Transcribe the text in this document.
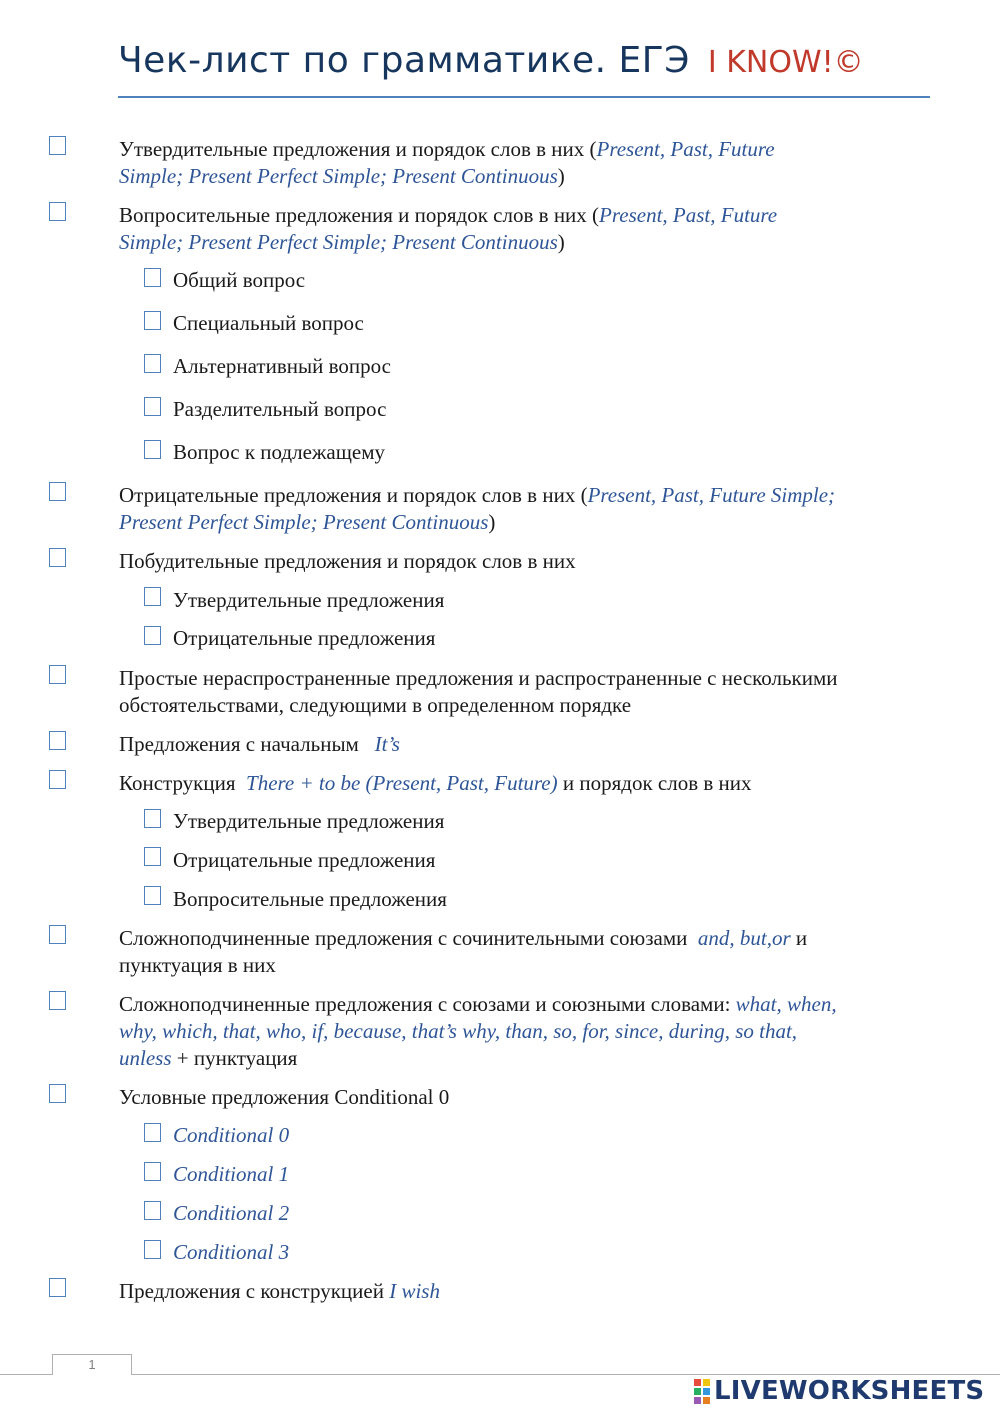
Чек-лист по грамматике. ЕГЭ I KNOW!©
Утвердительные предложения и порядок слов в них (Present, Past, Future
Simple; Present Perfect Simple; Present Continuous)
Вопросительные предложения и порядок слов в них (Present, Past, Future
Simple; Present Perfect Simple; Present Continuous)
Общий вопрос
Специальный вопрос
Альтернативный вопрос
Разделительный вопрос
Вопрос к подлежащему
Отрицательные предложения и порядок слов в них (Present, Past, Future Simple;
Present Perfect Simple; Present Continuous)
Побудительные предложения и порядок слов в них
Утвердительные предложения
Отрицательные предложения
Простые нераспространенные предложения и распространенные с несколькими
обстоятельствами, следующими в определенном порядке
Предложения с начальным It’s
Конструкция There + to be (Present, Past, Future) и порядок слов в них
Утвердительные предложения
Отрицательные предложения
Вопросительные предложения
Сложноподчиненные предложения с сочинительными союзами and, but,or и
пунктуация в них
Сложноподчиненные предложения с союзами и союзными словами: what, when,
why, which, that, who, if, because, that’s why, than, so, for, since, during, so that,
unless + пунктуация
Условные предложения Conditional 0
Conditional 0
Conditional 1
Conditional 2
Conditional 3
Предложения с конструкцией I wish
1
LIVEWORKSHEETS
